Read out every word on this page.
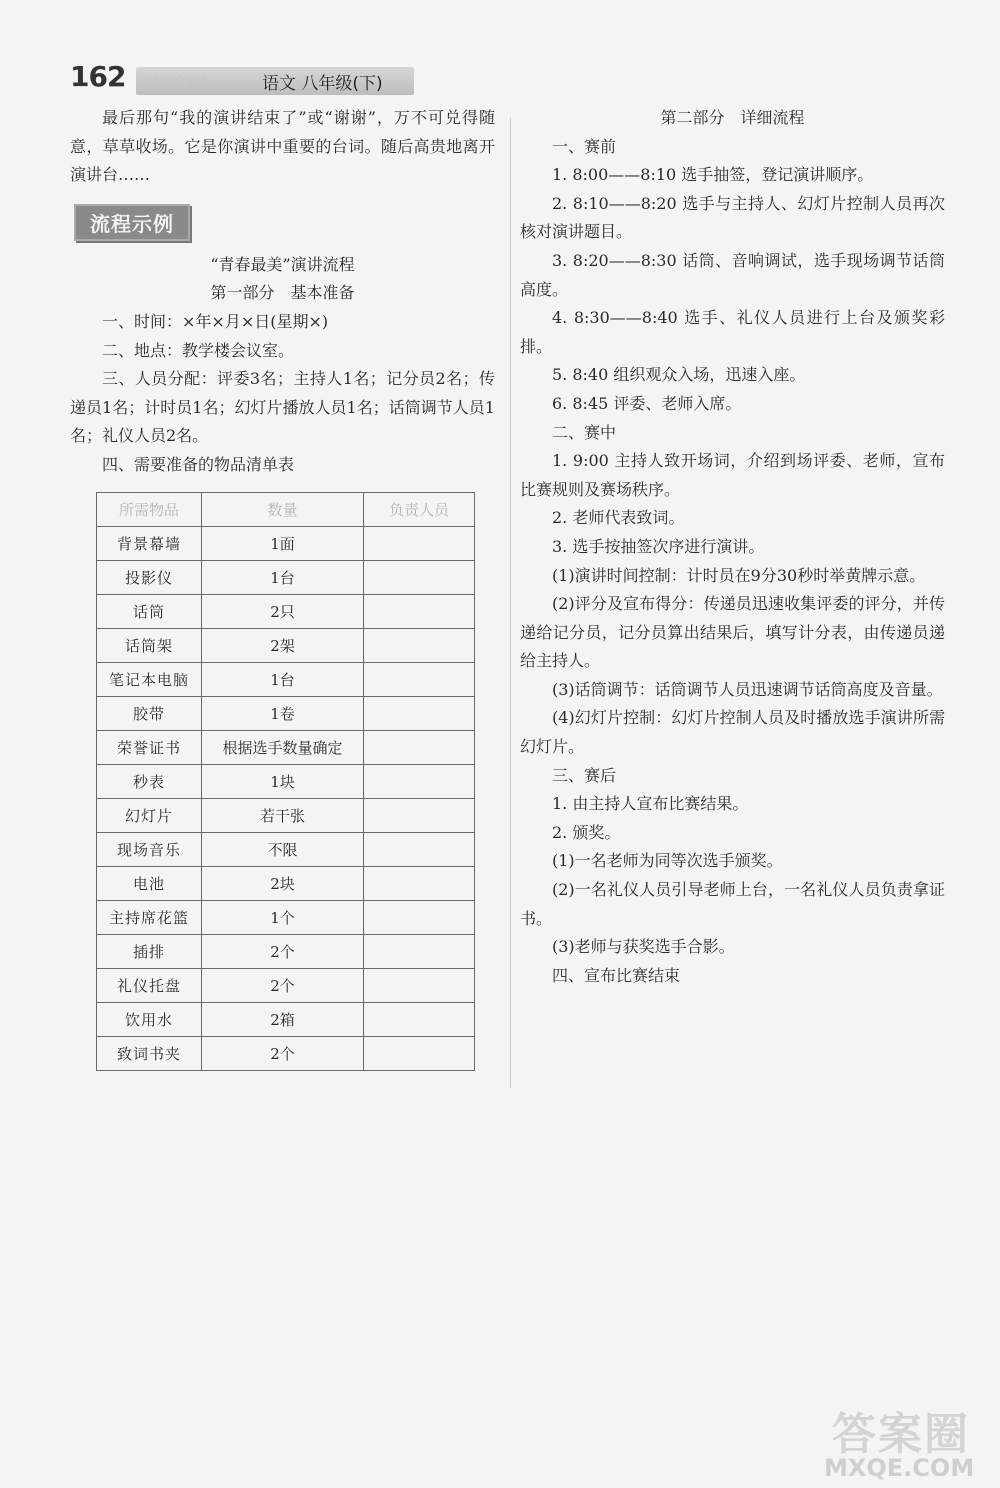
162 教材完全解读	语文 八年级(下)

最后那句“我的演讲结束了”或“谢谢”，万不可兑得随意，草草收场。它是你演讲中重要的台词。随后高贵地离开演讲台……

流程示例

“青春最美”演讲流程

第一部分　基本准备

一、时间：×年×月×日(星期×)

二、地点：教学楼会议室。

三、人员分配：评委3名；主持人1名；记分员2名；传递员1名；计时员1名；幻灯片播放人员1名；话筒调节人员1名；礼仪人员2名。

四、需要准备的物品清单表

所需物品	数量	负责人员
背景幕墙	1面	
投影仪	1台	
话筒	2只	
话筒架	2架	
笔记本电脑	1台	
胶带	1卷	
荣誉证书	根据选手数量确定	
秒表	1块	
幻灯片	若干张	
现场音乐	不限	
电池	2块	
主持席花篮	1个	
插排	2个	
礼仪托盘	2个	
饮用水	2箱	
致词书夹	2个	

第二部分　详细流程

一、赛前

1. 8:00——8:10 选手抽签，登记演讲顺序。

2. 8:10——8:20 选手与主持人、幻灯片控制人员再次核对演讲题目。

3. 8:20——8:30 话筒、音响调试，选手现场调节话筒高度。

4. 8:30——8:40 选手、礼仪人员进行上台及颁奖彩排。

5. 8:40 组织观众入场，迅速入座。

6. 8:45 评委、老师入席。

二、赛中

1. 9:00 主持人致开场词，介绍到场评委、老师，宣布比赛规则及赛场秩序。

2. 老师代表致词。

3. 选手按抽签次序进行演讲。

(1)演讲时间控制：计时员在9分30秒时举黄牌示意。

(2)评分及宣布得分：传递员迅速收集评委的评分，并传递给记分员，记分员算出结果后，填写计分表，由传递员递给主持人。

(3)话筒调节：话筒调节人员迅速调节话筒高度及音量。

(4)幻灯片控制：幻灯片控制人员及时播放选手演讲所需幻灯片。

三、赛后

1. 由主持人宣布比赛结果。

2. 颁奖。

(1)一名老师为同等次选手颁奖。

(2)一名礼仪人员引导老师上台，一名礼仪人员负责拿证书。

(3)老师与获奖选手合影。

四、宣布比赛结束

答案圈
MXQE.COM
